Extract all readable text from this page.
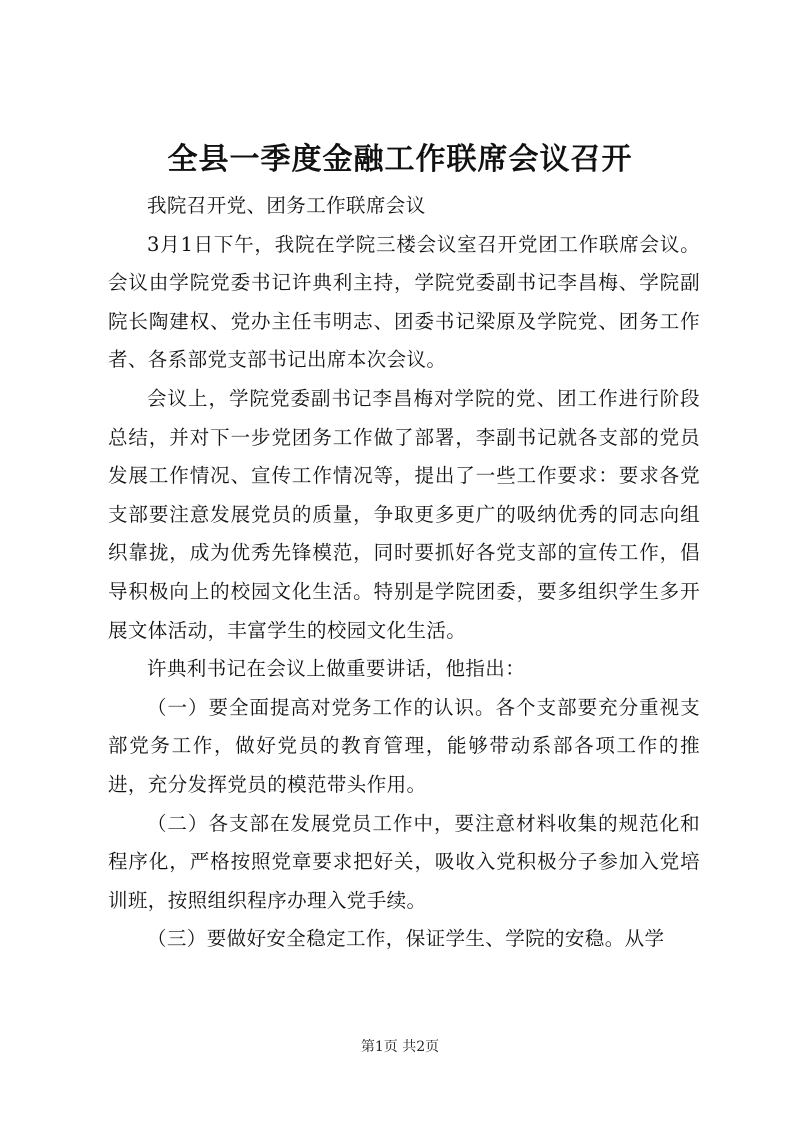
全县一季度金融工作联席会议召开

我院召开党、团务工作联席会议

3月1日下午，我院在学院三楼会议室召开党团工作联席会议。会议由学院党委书记许典利主持，学院党委副书记李昌梅、学院副院长陶建权、党办主任韦明志、团委书记梁原及学院党、团务工作者、各系部党支部书记出席本次会议。

会议上，学院党委副书记李昌梅对学院的党、团工作进行阶段总结，并对下一步党团务工作做了部署，李副书记就各支部的党员发展工作情况、宣传工作情况等，提出了一些工作要求：要求各党支部要注意发展党员的质量，争取更多更广的吸纳优秀的同志向组织靠拢，成为优秀先锋模范，同时要抓好各党支部的宣传工作，倡导积极向上的校园文化生活。特别是学院团委，要多组织学生多开展文体活动，丰富学生的校园文化生活。

许典利书记在会议上做重要讲话，他指出：

（一）要全面提高对党务工作的认识。各个支部要充分重视支部党务工作，做好党员的教育管理，能够带动系部各项工作的推进，充分发挥党员的模范带头作用。

（二）各支部在发展党员工作中，要注意材料收集的规范化和程序化，严格按照党章要求把好关，吸收入党积极分子参加入党培训班，按照组织程序办理入党手续。

（三）要做好安全稳定工作，保证学生、学院的安稳。从学

第1页 共2页
